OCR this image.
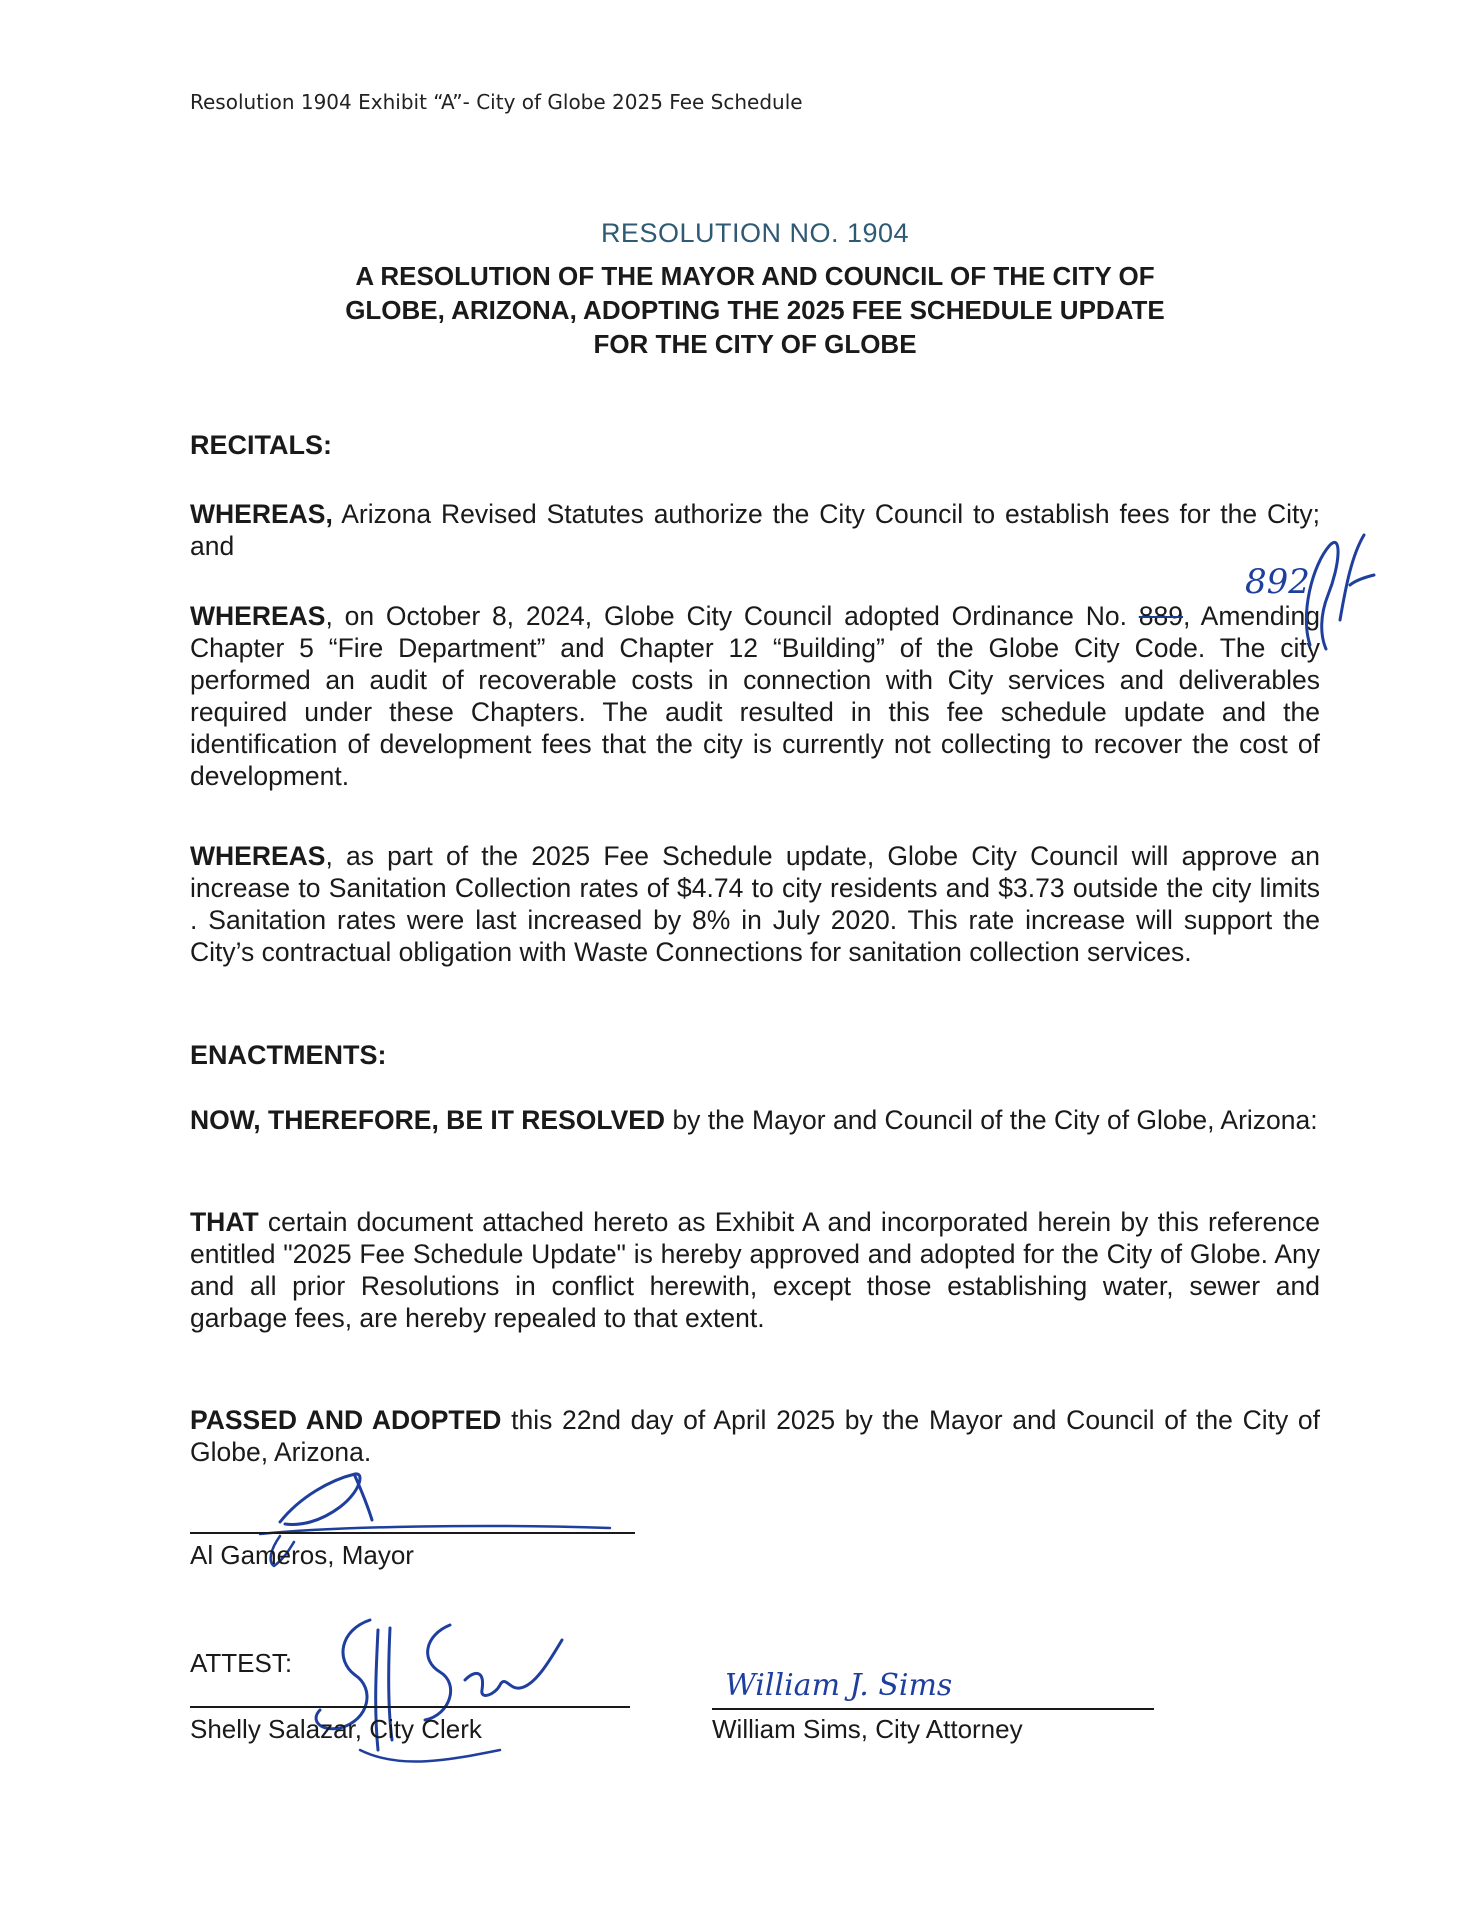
Resolution 1904 Exhibit “A”- City of Globe 2025 Fee Schedule
RESOLUTION NO. 1904
A RESOLUTION OF THE MAYOR AND COUNCIL OF THE CITY OF
GLOBE, ARIZONA, ADOPTING THE 2025 FEE SCHEDULE UPDATE
FOR THE CITY OF GLOBE
RECITALS:
WHEREAS, Arizona Revised Statutes authorize the City Council to establish fees for the City; and
WHEREAS, on October 8, 2024, Globe City Council adopted Ordinance No. 889, Amending Chapter 5 “Fire Department” and Chapter 12 “Building” of the Globe City Code. The city performed an audit of recoverable costs in connection with City services and deliverables required under these Chapters. The audit resulted in this fee schedule update and the identification of development fees that the city is currently not collecting to recover the cost of development.
892
WHEREAS, as part of the 2025 Fee Schedule update, Globe City Council will approve an increase to Sanitation Collection rates of $4.74 to city residents and $3.73 outside the city limits . Sanitation rates were last increased by 8% in July 2020. This rate increase will support the City’s contractual obligation with Waste Connections for sanitation collection services.
ENACTMENTS:
NOW, THEREFORE, BE IT RESOLVED by the Mayor and Council of the City of Globe, Arizona:
THAT certain document attached hereto as Exhibit A and incorporated herein by this reference entitled "2025 Fee Schedule Update" is hereby approved and adopted for the City of Globe. Any and all prior Resolutions in conflict herewith, except those establishing water, sewer and garbage fees, are hereby repealed to that extent.
PASSED AND ADOPTED this 22nd day of April 2025 by the Mayor and Council of the City of Globe, Arizona.
Al Gameros, Mayor
ATTEST:
Shelly Salazar, City Clerk
William J. Sims
William Sims, City Attorney
